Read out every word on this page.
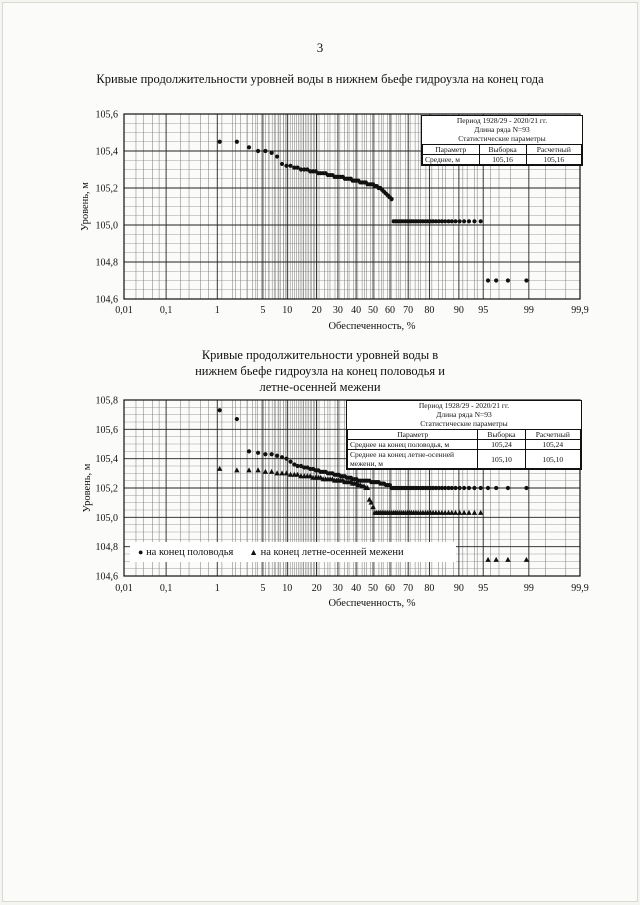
3
Кривые продолжительности уровней воды в нижнем бьефе гидроузла на конец года
Кривые продолжительности уровней воды в нижнем бьефе гидроузла на конец половодья и летне-осенней межени
0,01	0,1	1	5 10 20 30 40 50 60 70 80 90 95	99	99,9
105,6
105,4
105,2
105,0
104,8
104,6
Обеспеченность, %
Уровень, м
0,01	0,1	1	5 10 20 30 40 50 60 70 80 90 95	99	99,9
105,8
105,6
105,4
105,2
105,0
104,8
104,6
Обеспеченность, %
Уровень, м
Период 1928/29 - 2020/21 гг.
Длина ряда N=93
Статистические параметры
Параметр	Выборка	Расчетный
Среднее, м	105,16	105,16
Период 1928/29 - 2020/21 гг.
Длина ряда N=93
Статистические параметры
Параметр	Выборка	Расчетный
Среднее на конец половодья, м	105,24	105,24
Среднее на конец летне-осенней межени, м	105,10	105,10
● на конец половодья ▲ на конец летне-осенней межени
